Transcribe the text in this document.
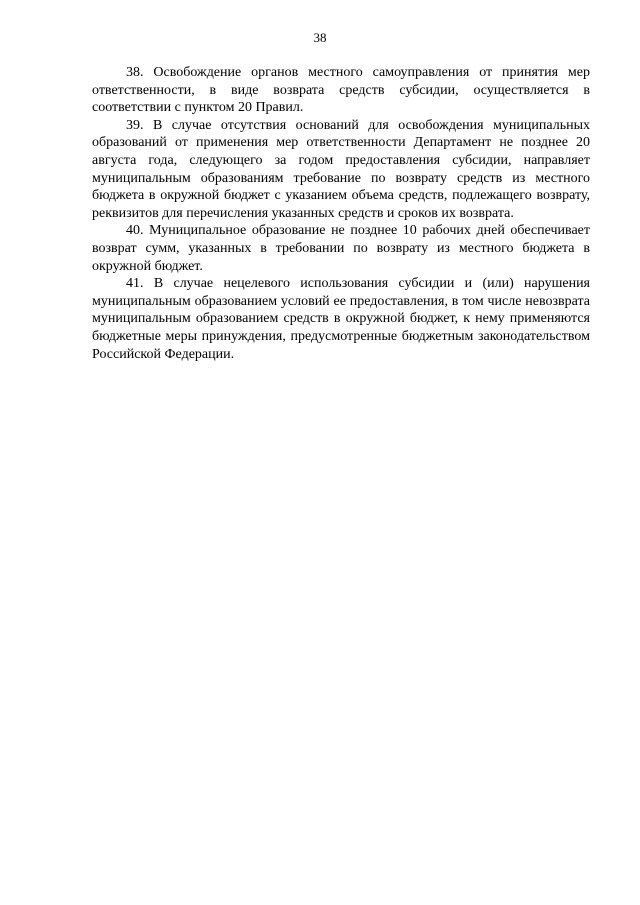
38

38. Освобождение органов местного самоуправления от принятия мер ответственности, в виде возврата средств субсидии, осуществляется в соответствии с пунктом 20 Правил.

39. В случае отсутствия оснований для освобождения муниципальных образований от применения мер ответственности Департамент не позднее 20 августа года, следующего за годом предоставления субсидии, направляет муниципальным образованиям требование по возврату средств из местного бюджета в окружной бюджет с указанием объема средств, подлежащего возврату, реквизитов для перечисления указанных средств и сроков их возврата.

40. Муниципальное образование не позднее 10 рабочих дней обеспечивает возврат сумм, указанных в требовании по возврату из местного бюджета в окружной бюджет.

41. В случае нецелевого использования субсидии и (или) нарушения муниципальным образованием условий ее предоставления, в том числе невозврата муниципальным образованием средств в окружной бюджет, к нему применяются бюджетные меры принуждения, предусмотренные бюджетным законодательством Российской Федерации.
